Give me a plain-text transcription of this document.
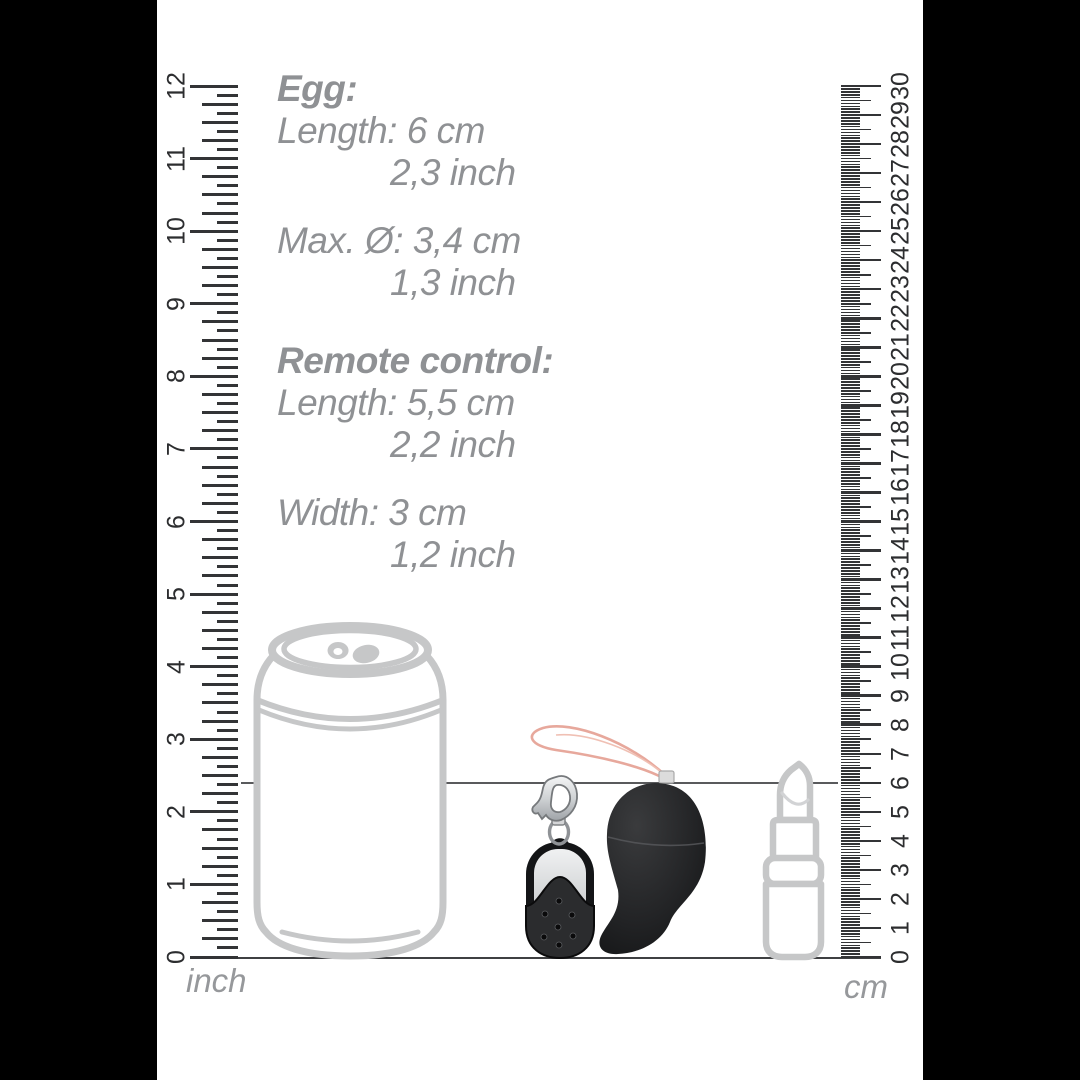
0
1
2
3
4
5
6
7
8
9
10
11
12
0
1
2
3
4
5
6
7
8
9
10
11
12
13
14
15
16
17
18
19
20
21
22
23
24
25
26
27
28
29
30
inch	cm
Egg:
Length: 6 cm
2,3 inch
Max. Ø: 3,4 cm
1,3 inch
Remote control:
Length: 5,5 cm
2,2 inch
Width: 3 cm
1,2 inch
